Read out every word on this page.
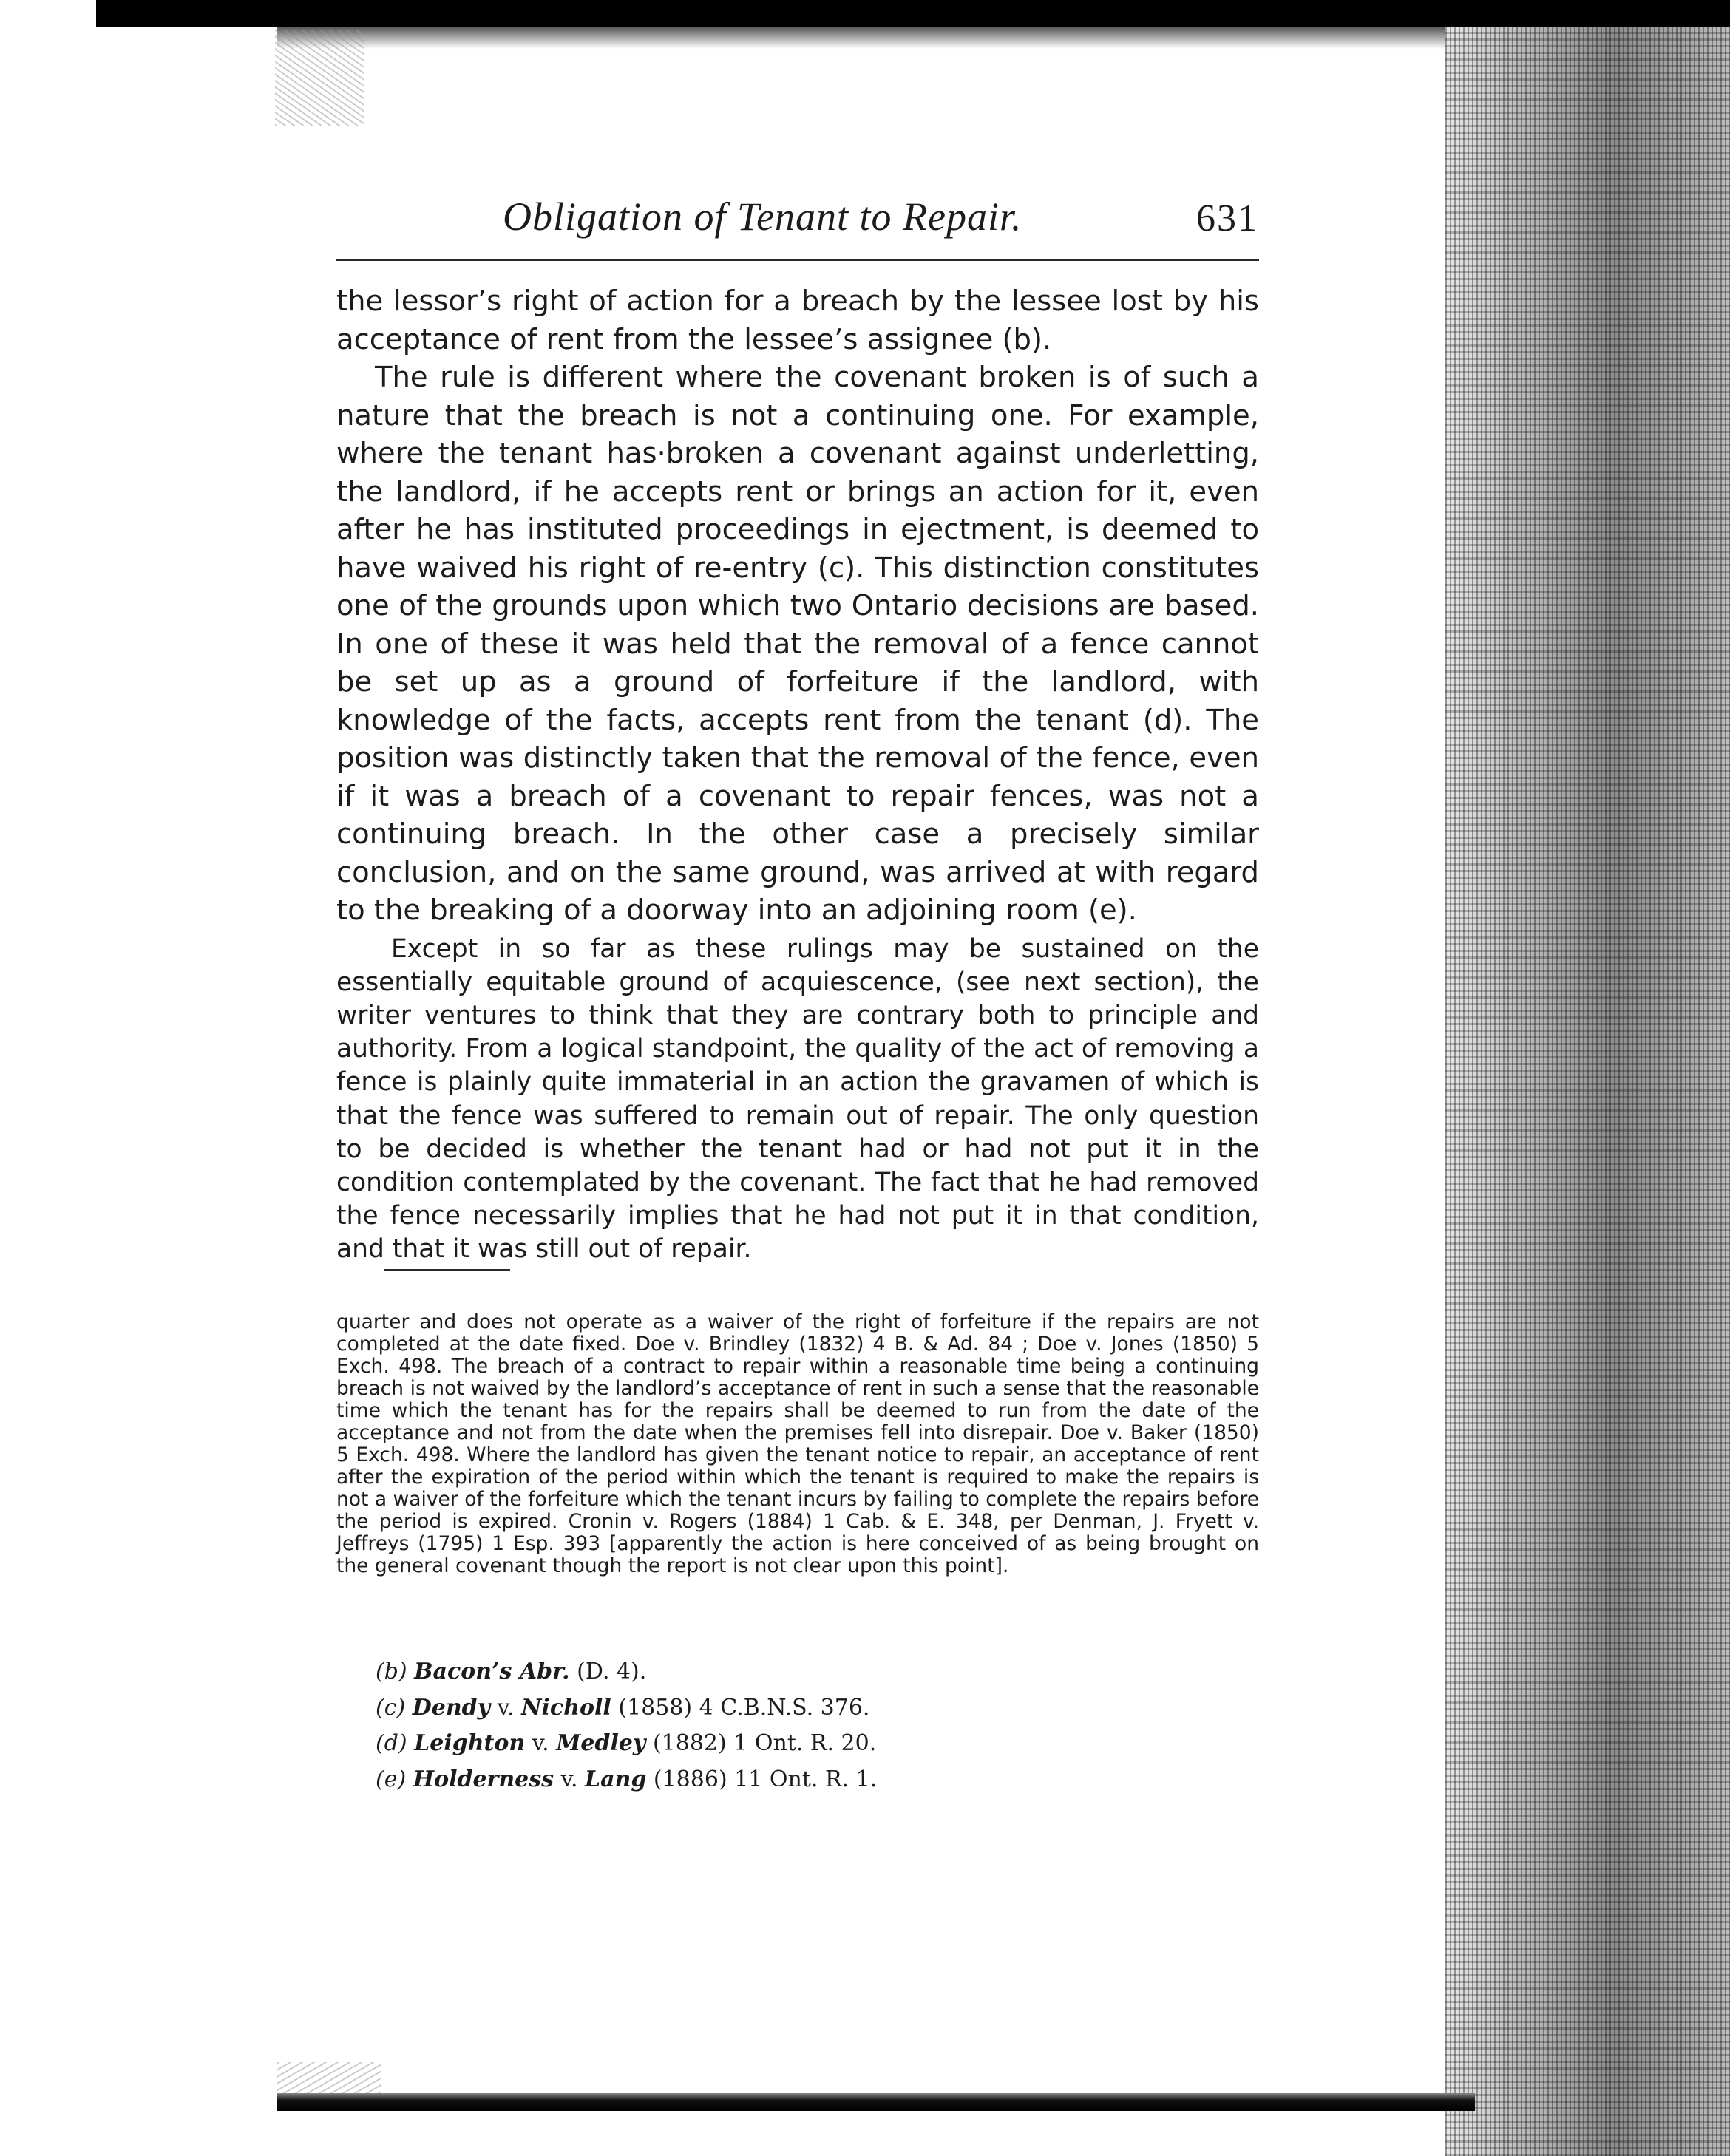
Obligation of Tenant to Repair.	631

the lessor’s right of action for a breach by the lessee lost by his acceptance of rent from the lessee’s assignee (b).

The rule is different where the covenant broken is of such a nature that the breach is not a continuing one. For example, where the tenant has·broken a covenant against underletting, the landlord, if he accepts rent or brings an action for it, even after he has instituted proceedings in ejectment, is deemed to have waived his right of re-entry (c). This distinction constitutes one of the grounds upon which two Ontario decisions are based. In one of these it was held that the removal of a fence cannot be set up as a ground of forfeiture if the landlord, with knowledge of the facts, accepts rent from the tenant (d). The position was distinctly taken that the removal of the fence, even if it was a breach of a covenant to repair fences, was not a continuing breach. In the other case a precisely similar conclusion, and on the same ground, was arrived at with regard to the breaking of a doorway into an adjoining room (e).

Except in so far as these rulings may be sustained on the essentially equitable ground of acquiescence, (see next section), the writer ventures to think that they are contrary both to principle and authority. From a logical standpoint, the quality of the act of removing a fence is plainly quite immaterial in an action the gravamen of which is that the fence was suffered to remain out of repair. The only question to be decided is whether the tenant had or had not put it in the condition contemplated by the covenant. The fact that he had removed the fence necessarily implies that he had not put it in that condition, and that it was still out of repair.

quarter and does not operate as a waiver of the right of forfeiture if the repairs are not completed at the date fixed. Doe v. Brindley (1832) 4 B. & Ad. 84 ; Doe v. Jones (1850) 5 Exch. 498. The breach of a contract to repair within a reasonable time being a continuing breach is not waived by the landlord’s acceptance of rent in such a sense that the reasonable time which the tenant has for the repairs shall be deemed to run from the date of the acceptance and not from the date when the premises fell into disrepair. Doe v. Baker (1850) 5 Exch. 498. Where the landlord has given the tenant notice to repair, an acceptance of rent after the expiration of the period within which the tenant is required to make the repairs is not a waiver of the forfeiture which the tenant incurs by failing to complete the repairs before the period is expired. Cronin v. Rogers (1884) 1 Cab. & E. 348, per Denman, J. Fryett v. Jeffreys (1795) 1 Esp. 393 [apparently the action is here conceived of as being brought on the general covenant though the report is not clear upon this point].

(b) Bacon’s Abr. (D. 4).
(c) Dendy v. Nicholl (1858) 4 C.B.N.S. 376.
(d) Leighton v. Medley (1882) 1 Ont. R. 20.
(e) Holderness v. Lang (1886) 11 Ont. R. 1.
